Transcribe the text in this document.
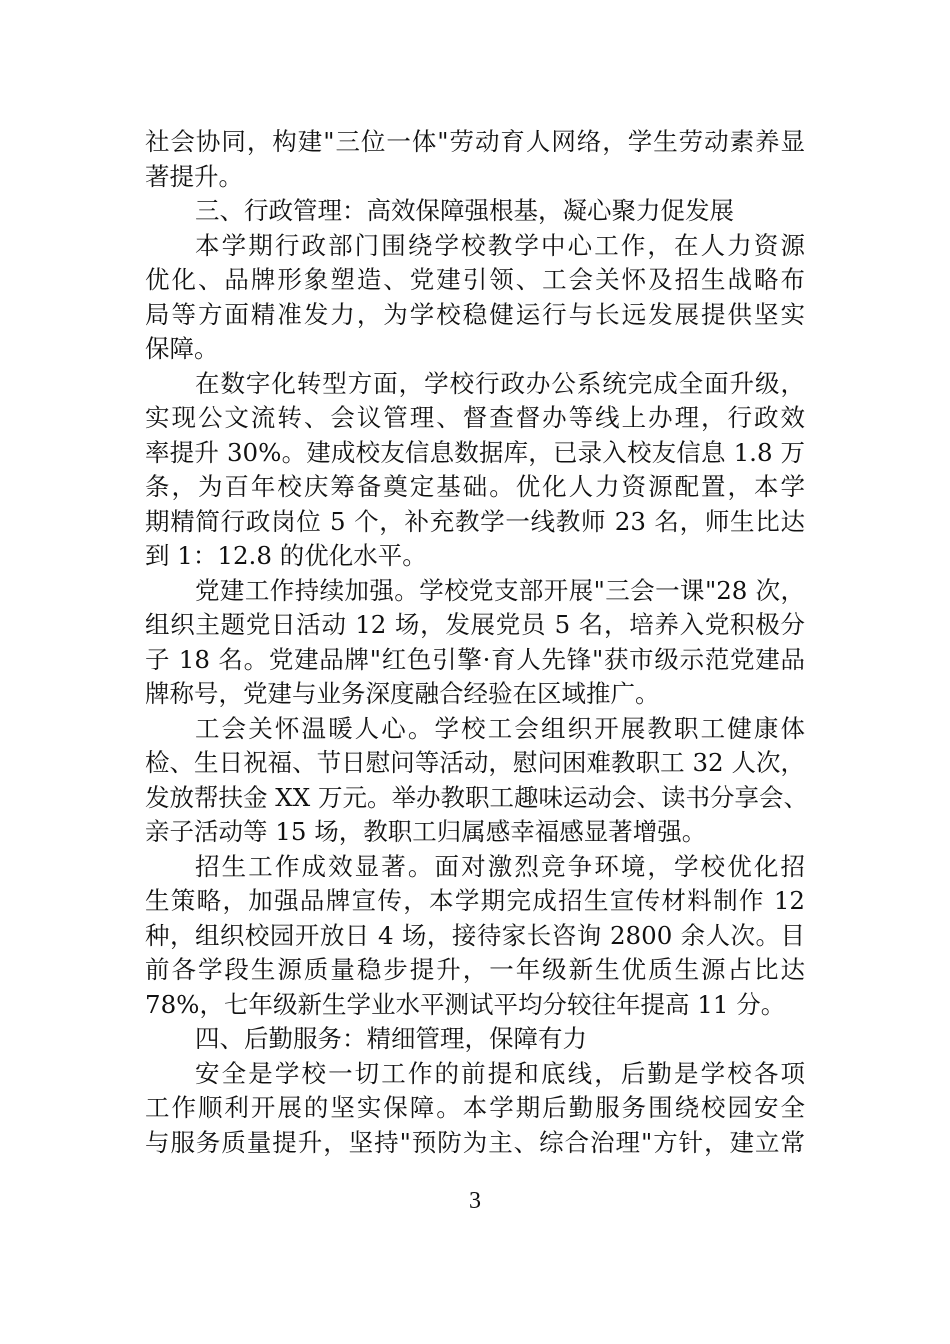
社会协同，构建"三位一体"劳动育人网络，学生劳动素养显
著提升。
三、行政管理：高效保障强根基，凝心聚力促发展
本学期行政部门围绕学校教学中心工作，在人力资源
优化、品牌形象塑造、党建引领、工会关怀及招生战略布
局等方面精准发力，为学校稳健运行与长远发展提供坚实
保障。
在数字化转型方面，学校行政办公系统完成全面升级，
实现公文流转、会议管理、督查督办等线上办理，行政效
率提升 30%。建成校友信息数据库，已录入校友信息 1.8 万
条，为百年校庆筹备奠定基础。优化人力资源配置，本学
期精简行政岗位 5 个，补充教学一线教师 23 名，师生比达
到 1：12.8 的优化水平。
党建工作持续加强。学校党支部开展"三会一课"28 次，
组织主题党日活动 12 场，发展党员 5 名，培养入党积极分
子 18 名。党建品牌"红色引擎·育人先锋"获市级示范党建品
牌称号，党建与业务深度融合经验在区域推广。
工会关怀温暖人心。学校工会组织开展教职工健康体
检、生日祝福、节日慰问等活动，慰问困难教职工 32 人次，
发放帮扶金 XX 万元。举办教职工趣味运动会、读书分享会、
亲子活动等 15 场，教职工归属感幸福感显著增强。
招生工作成效显著。面对激烈竞争环境，学校优化招
生策略，加强品牌宣传，本学期完成招生宣传材料制作 12
种，组织校园开放日 4 场，接待家长咨询 2800 余人次。目
前各学段生源质量稳步提升，一年级新生优质生源占比达
78%，七年级新生学业水平测试平均分较往年提高 11 分。
四、后勤服务：精细管理，保障有力
安全是学校一切工作的前提和底线，后勤是学校各项
工作顺利开展的坚实保障。本学期后勤服务围绕校园安全
与服务质量提升，坚持"预防为主、综合治理"方针，建立常
3
